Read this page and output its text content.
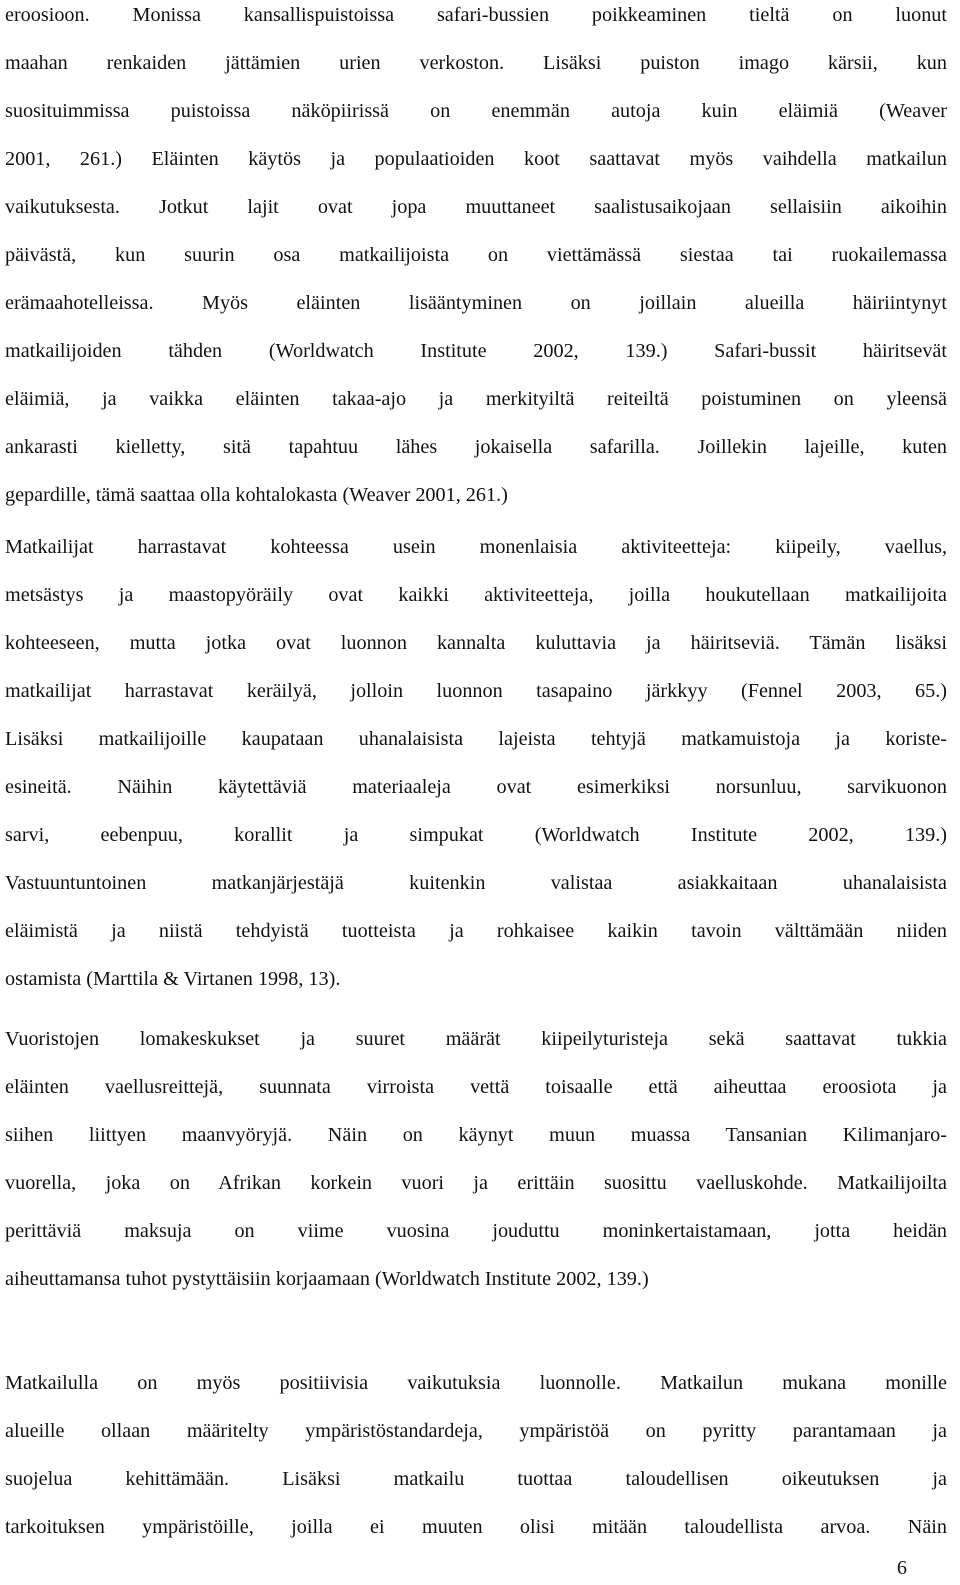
eroosioon. Monissa kansallispuistoissa safari-bussien poikkeaminen tieltä on luonut
maahan renkaiden jättämien urien verkoston. Lisäksi puiston imago kärsii, kun
suosituimmissa puistoissa näköpiirissä on enemmän autoja kuin eläimiä (Weaver
2001, 261.) Eläinten käytös ja populaatioiden koot saattavat myös vaihdella matkailun
vaikutuksesta. Jotkut lajit ovat jopa muuttaneet saalistusaikojaan sellaisiin aikoihin
päivästä, kun suurin osa matkailijoista on viettämässä siestaa tai ruokailemassa
erämaahotelleissa. Myös eläinten lisääntyminen on joillain alueilla häiriintynyt
matkailijoiden tähden (Worldwatch Institute 2002, 139.) Safari-bussit häiritsevät
eläimiä, ja vaikka eläinten takaa-ajo ja merkityiltä reiteiltä poistuminen on yleensä
ankarasti kielletty, sitä tapahtuu lähes jokaisella safarilla. Joillekin lajeille, kuten
gepardille, tämä saattaa olla kohtalokasta (Weaver 2001, 261.)
Matkailijat harrastavat kohteessa usein monenlaisia aktiviteetteja: kiipeily, vaellus,
metsästys ja maastopyöräily ovat kaikki aktiviteetteja, joilla houkutellaan matkailijoita
kohteeseen, mutta jotka ovat luonnon kannalta kuluttavia ja häiritseviä. Tämän lisäksi
matkailijat harrastavat keräilyä, jolloin luonnon tasapaino järkkyy (Fennel 2003, 65.)
Lisäksi matkailijoille kaupataan uhanalaisista lajeista tehtyjä matkamuistoja ja koriste-
esineitä. Näihin käytettäviä materiaaleja ovat esimerkiksi norsunluu, sarvikuonon
sarvi, eebenpuu, korallit ja simpukat (Worldwatch Institute 2002, 139.)
Vastuuntuntoinen matkanjärjestäjä kuitenkin valistaa asiakkaitaan uhanalaisista
eläimistä ja niistä tehdyistä tuotteista ja rohkaisee kaikin tavoin välttämään niiden
ostamista (Marttila & Virtanen 1998, 13).
Vuoristojen lomakeskukset ja suuret määrät kiipeilyturisteja sekä saattavat tukkia
eläinten vaellusreittejä, suunnata virroista vettä toisaalle että aiheuttaa eroosiota ja
siihen liittyen maanvyöryjä. Näin on käynyt muun muassa Tansanian Kilimanjaro-
vuorella, joka on Afrikan korkein vuori ja erittäin suosittu vaelluskohde. Matkailijoilta
perittäviä maksuja on viime vuosina jouduttu moninkertaistamaan, jotta heidän
aiheuttamansa tuhot pystyttäisiin korjaamaan (Worldwatch Institute 2002, 139.)
Matkailulla on myös positiivisia vaikutuksia luonnolle. Matkailun mukana monille
alueille ollaan määritelty ympäristöstandardeja, ympäristöä on pyritty parantamaan ja
suojelua kehittämään. Lisäksi matkailu tuottaa taloudellisen oikeutuksen ja
tarkoituksen ympäristöille, joilla ei muuten olisi mitään taloudellista arvoa. Näin
6
